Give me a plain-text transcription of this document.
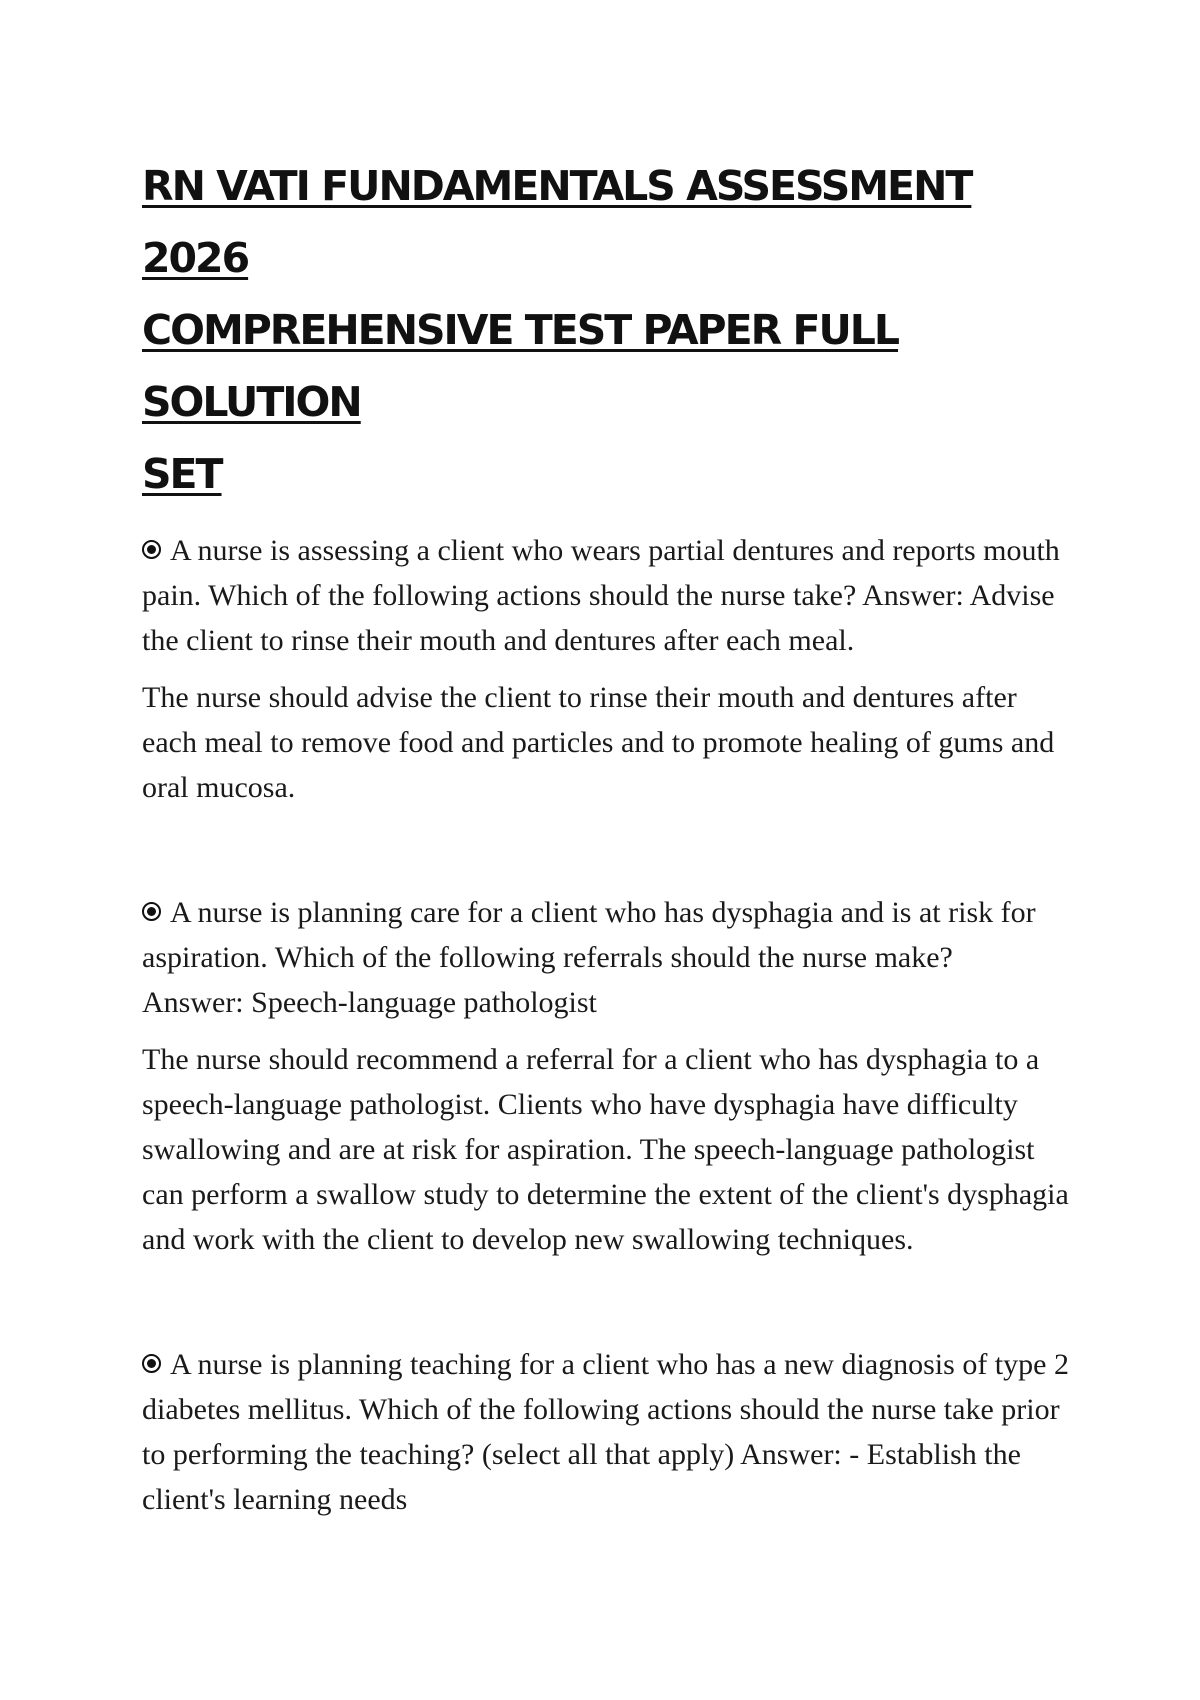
RN VATI FUNDAMENTALS ASSESSMENT 2026
COMPREHENSIVE TEST PAPER FULL SOLUTION
SET

A nurse is assessing a client who wears partial dentures and reports mouth pain. Which of the following actions should the nurse take? Answer: Advise the client to rinse their mouth and dentures after each meal.

The nurse should advise the client to rinse their mouth and dentures after each meal to remove food and particles and to promote healing of gums and oral mucosa.

A nurse is planning care for a client who has dysphagia and is at risk for aspiration. Which of the following referrals should the nurse make?
Answer: Speech-language pathologist

The nurse should recommend a referral for a client who has dysphagia to a speech-language pathologist. Clients who have dysphagia have difficulty swallowing and are at risk for aspiration. The speech-language pathologist can perform a swallow study to determine the extent of the client's dysphagia and work with the client to develop new swallowing techniques.

A nurse is planning teaching for a client who has a new diagnosis of type 2 diabetes mellitus. Which of the following actions should the nurse take prior to performing the teaching? (select all that apply) Answer: - Establish the client's learning needs
